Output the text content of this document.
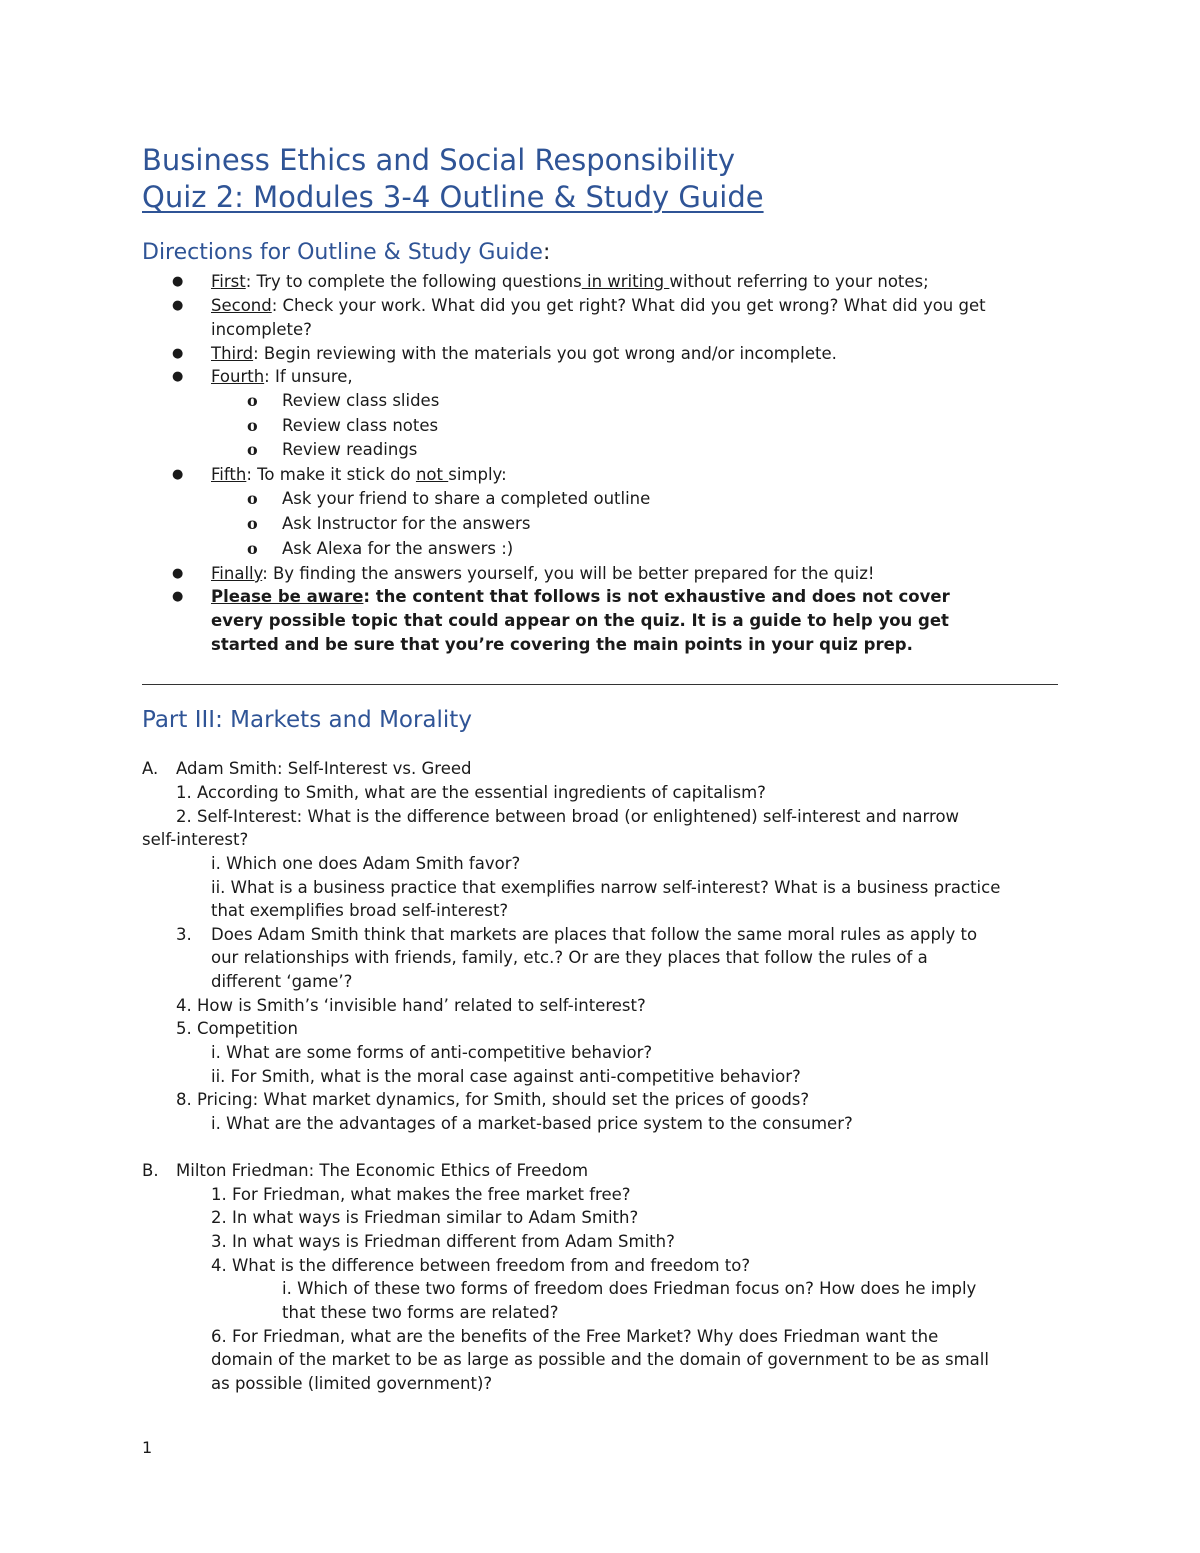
Business Ethics and Social Responsibility
Quiz 2: Modules 3-4 Outline & Study Guide
Directions for Outline & Study Guide:
● First: Try to complete the following questions in writing without referring to your notes;
● Second: Check your work. What did you get right? What did you get wrong? What did you get
incomplete?
● Third: Begin reviewing with the materials you got wrong and/or incomplete.
● Fourth: If unsure,
o Review class slides
o Review class notes
o Review readings
● Fifth: To make it stick do not simply:
o Ask your friend to share a completed outline
o Ask Instructor for the answers
o Ask Alexa for the answers :)
● Finally: By finding the answers yourself, you will be better prepared for the quiz!
● Please be aware: the content that follows is not exhaustive and does not cover
every possible topic that could appear on the quiz. It is a guide to help you get
started and be sure that you’re covering the main points in your quiz prep.
Part III: Markets and Morality
A. Adam Smith: Self-Interest vs. Greed
1. According to Smith, what are the essential ingredients of capitalism?
2. Self-Interest: What is the difference between broad (or enlightened) self-interest and narrow
self-interest?
i. Which one does Adam Smith favor?
ii. What is a business practice that exemplifies narrow self-interest? What is a business practice
that exemplifies broad self-interest?
3. Does Adam Smith think that markets are places that follow the same moral rules as apply to
our relationships with friends, family, etc.? Or are they places that follow the rules of a
different ‘game’?
4. How is Smith’s ‘invisible hand’ related to self-interest?
5. Competition
i. What are some forms of anti-competitive behavior?
ii. For Smith, what is the moral case against anti-competitive behavior?
8. Pricing: What market dynamics, for Smith, should set the prices of goods?
i. What are the advantages of a market-based price system to the consumer?
B. Milton Friedman: The Economic Ethics of Freedom
1. For Friedman, what makes the free market free?
2. In what ways is Friedman similar to Adam Smith?
3. In what ways is Friedman different from Adam Smith?
4. What is the difference between freedom from and freedom to?
i. Which of these two forms of freedom does Friedman focus on? How does he imply
that these two forms are related?
6. For Friedman, what are the benefits of the Free Market? Why does Friedman want the
domain of the market to be as large as possible and the domain of government to be as small
as possible (limited government)?
1
